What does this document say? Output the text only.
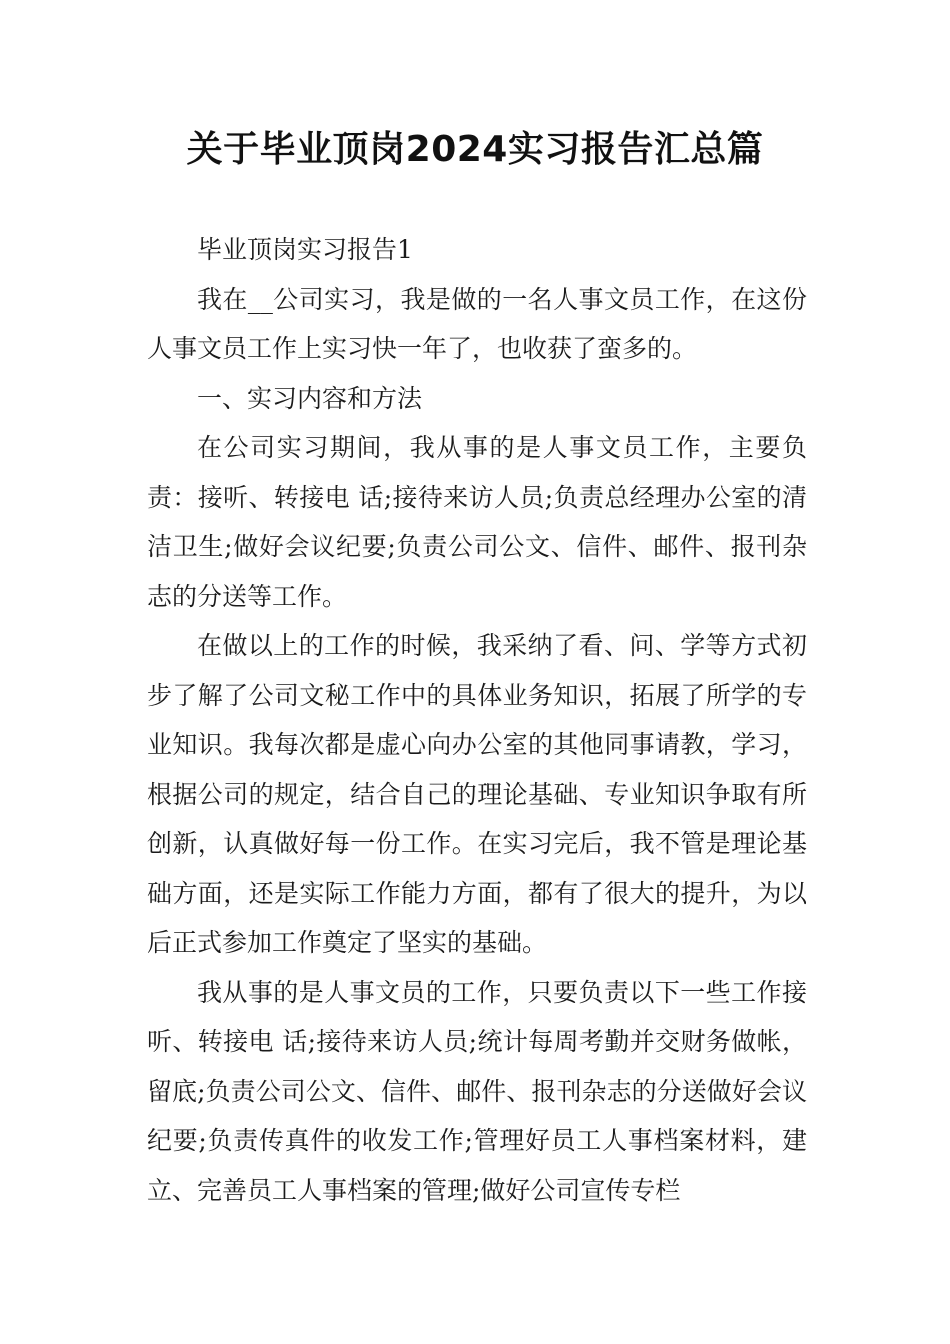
关于毕业顶岗2024实习报告汇总篇

毕业顶岗实习报告1

我在__公司实习，我是做的一名人事文员工作，在这份人事文员工作上实习快一年了，也收获了蛮多的。

一、实习内容和方法

在公司实习期间，我从事的是人事文员工作，主要负责：接听、转接电 话;接待来访人员;负责总经理办公室的清洁卫生;做好会议纪要;负责公司公文、信件、邮件、报刊杂志的分送等工作。

在做以上的工作的时候，我采纳了看、问、学等方式初步了解了公司文秘工作中的具体业务知识，拓展了所学的专业知识。我每次都是虚心向办公室的其他同事请教，学习，根据公司的规定，结合自己的理论基础、专业知识争取有所创新，认真做好每一份工作。在实习完后，我不管是理论基础方面，还是实际工作能力方面，都有了很大的提升，为以后正式参加工作奠定了坚实的基础。

我从事的是人事文员的工作，只要负责以下一些工作接听、转接电 话;接待来访人员;统计每周考勤并交财务做帐，留底;负责公司公文、信件、邮件、报刊杂志的分送做好会议纪要;负责传真件的收发工作;管理好员工人事档案材料，建立、完善员工人事档案的管理;做好公司宣传专栏
